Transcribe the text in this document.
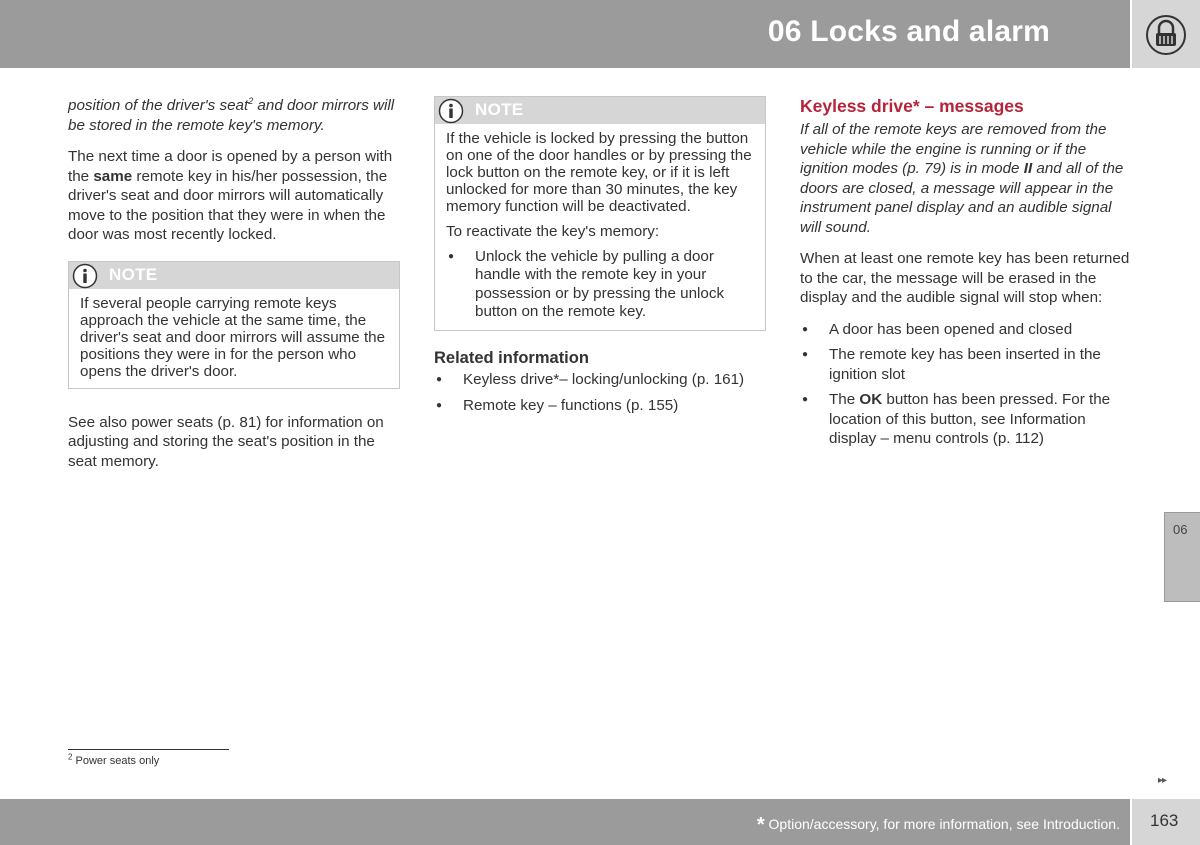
06 Locks and alarm

position of the driver's seat$^2$ and door mirrors will be stored in the remote key's memory.

The next time a door is opened by a person with the same remote key in his/her possession, the driver's seat and door mirrors will automatically move to the position that they were in when the door was most recently locked.

NOTE

If several people carrying remote keys approach the vehicle at the same time, the driver's seat and door mirrors will assume the positions they were in for the person who opens the driver's door.

See also power seats (p. 81) for information on adjusting and storing the seat's position in the seat memory.

NOTE

If the vehicle is locked by pressing the button on one of the door handles or by pressing the lock button on the remote key, or if it is left unlocked for more than 30 minutes, the key memory function will be deactivated.

To reactivate the key's memory:

● Unlock the vehicle by pulling a door handle with the remote key in your possession or by pressing the unlock button on the remote key.
Related information
● Keyless drive*– locking/unlocking (p. 161)
● Remote key – functions (p. 155)
Keyless drive* – messages

If all of the remote keys are removed from the vehicle while the engine is running or if the ignition modes (p. 79) is in mode II and all of the doors are closed, a message will appear in the instrument panel display and an audible signal will sound.

When at least one remote key has been returned to the car, the message will be erased in the display and the audible signal will stop when:

● A door has been opened and closed
● The remote key has been inserted in the ignition slot
● The OK button has been pressed. For the location of this button, see Information display – menu controls (p. 112)
06
$^2$ Power seats only
▸▸
* Option/accessory, for more information, see Introduction. 163
